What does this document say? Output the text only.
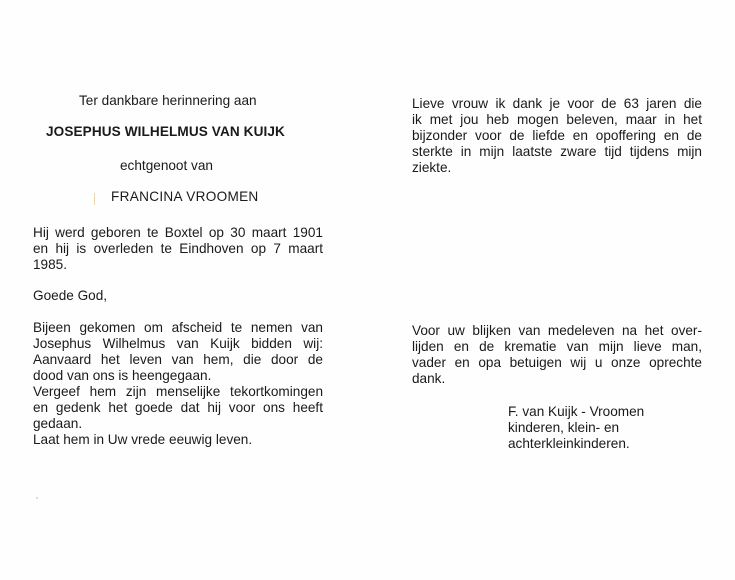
Ter dankbare herinnering aan
JOSEPHUS WILHELMUS VAN KUIJK
echtgenoot van
FRANCINA VROOMEN
Hij werd geboren te Boxtel op 30 maart 1901
en hij is overleden te Eindhoven op 7 maart
1985.
Goede God,
Bijeen gekomen om afscheid te nemen van
Josephus Wilhelmus van Kuijk bidden wij:
Aanvaard het leven van hem, die door de
dood van ons is heengegaan.
Vergeef hem zijn menselijke tekortkomingen
en gedenk het goede dat hij voor ons heeft
gedaan.
Laat hem in Uw vrede eeuwig leven.
Lieve vrouw ik dank je voor de 63 jaren die
ik met jou heb mogen beleven, maar in het
bijzonder voor de liefde en opoffering en de
sterkte in mijn laatste zware tijd tijdens mijn
ziekte.
Voor uw blijken van medeleven na het over-
lijden en de krematie van mijn lieve man,
vader en opa betuigen wij u onze oprechte
dank.
F. van Kuijk - Vroomen
kinderen, klein- en
achterkleinkinderen.
